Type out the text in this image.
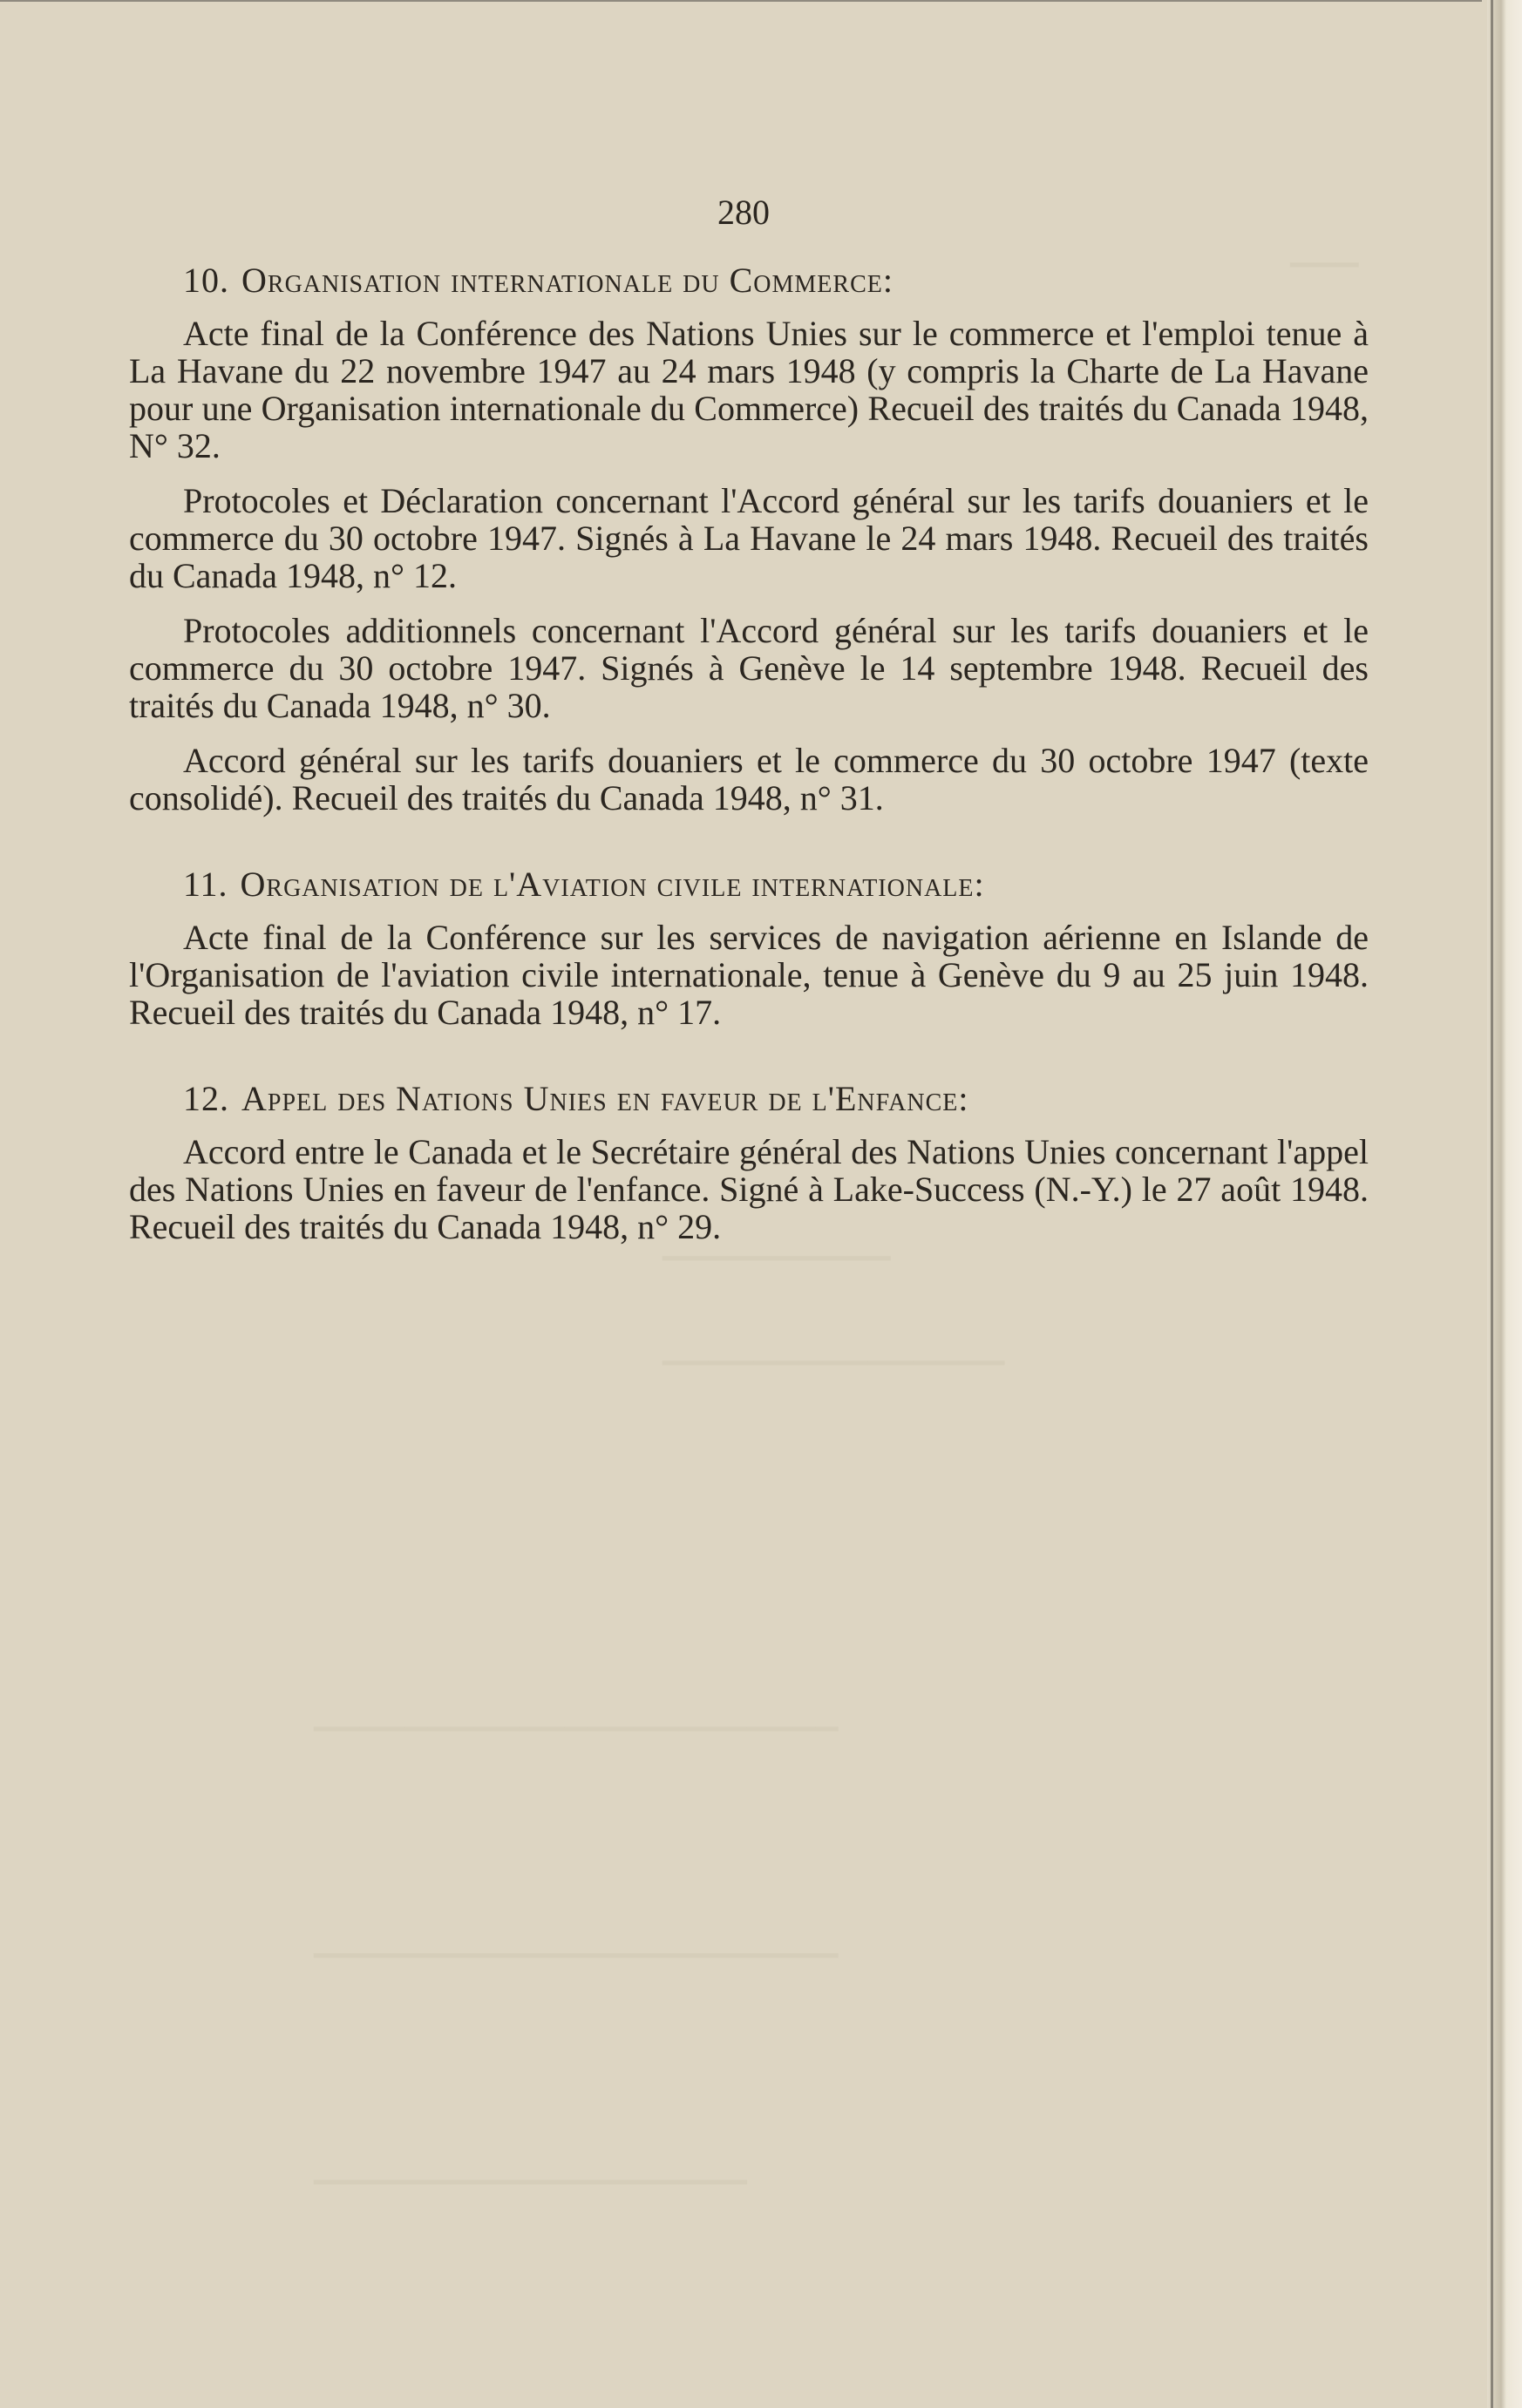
▔▔▔
▔▔▔▔▔▔▔▔▔▔
▔▔▔▔▔▔▔▔▔▔▔▔▔▔▔
▔▔▔▔▔▔▔▔▔▔▔▔▔▔▔▔▔▔▔▔▔▔▔
▔▔▔▔▔▔▔▔▔▔▔▔▔▔▔▔▔▔▔▔▔▔▔
▔▔▔▔▔▔▔▔▔▔▔▔▔▔▔▔▔▔▔
280
10. Organisation internationale du Commerce:

Acte final de la Conférence des Nations Unies sur le commerce et l'emploi tenue à La Havane du 22 novembre 1947 au 24 mars 1948 (y compris la Charte de La Havane pour une Organisation internationale du Commerce) Recueil des traités du Canada 1948, N° 32.

Protocoles et Déclaration concernant l'Accord général sur les tarifs douaniers et le commerce du 30 octobre 1947. Signés à La Havane le 24 mars 1948. Recueil des traités du Canada 1948, n° 12.

Protocoles additionnels concernant l'Accord général sur les tarifs douaniers et le commerce du 30 octobre 1947. Signés à Genève le 14 septembre 1948. Recueil des traités du Canada 1948, n° 30.

Accord général sur les tarifs douaniers et le commerce du 30 octobre 1947 (texte consolidé). Recueil des traités du Canada 1948, n° 31.

11. Organisation de l'Aviation civile internationale:

Acte final de la Conférence sur les services de navigation aérienne en Islande de l'Organisation de l'aviation civile internationale, tenue à Genève du 9 au 25 juin 1948. Recueil des traités du Canada 1948, n° 17.

12. Appel des Nations Unies en faveur de l'Enfance:

Accord entre le Canada et le Secrétaire général des Nations Unies concernant l'appel des Nations Unies en faveur de l'enfance. Signé à Lake-Success (N.-Y.) le 27 août 1948. Recueil des traités du Canada 1948, n° 29.
